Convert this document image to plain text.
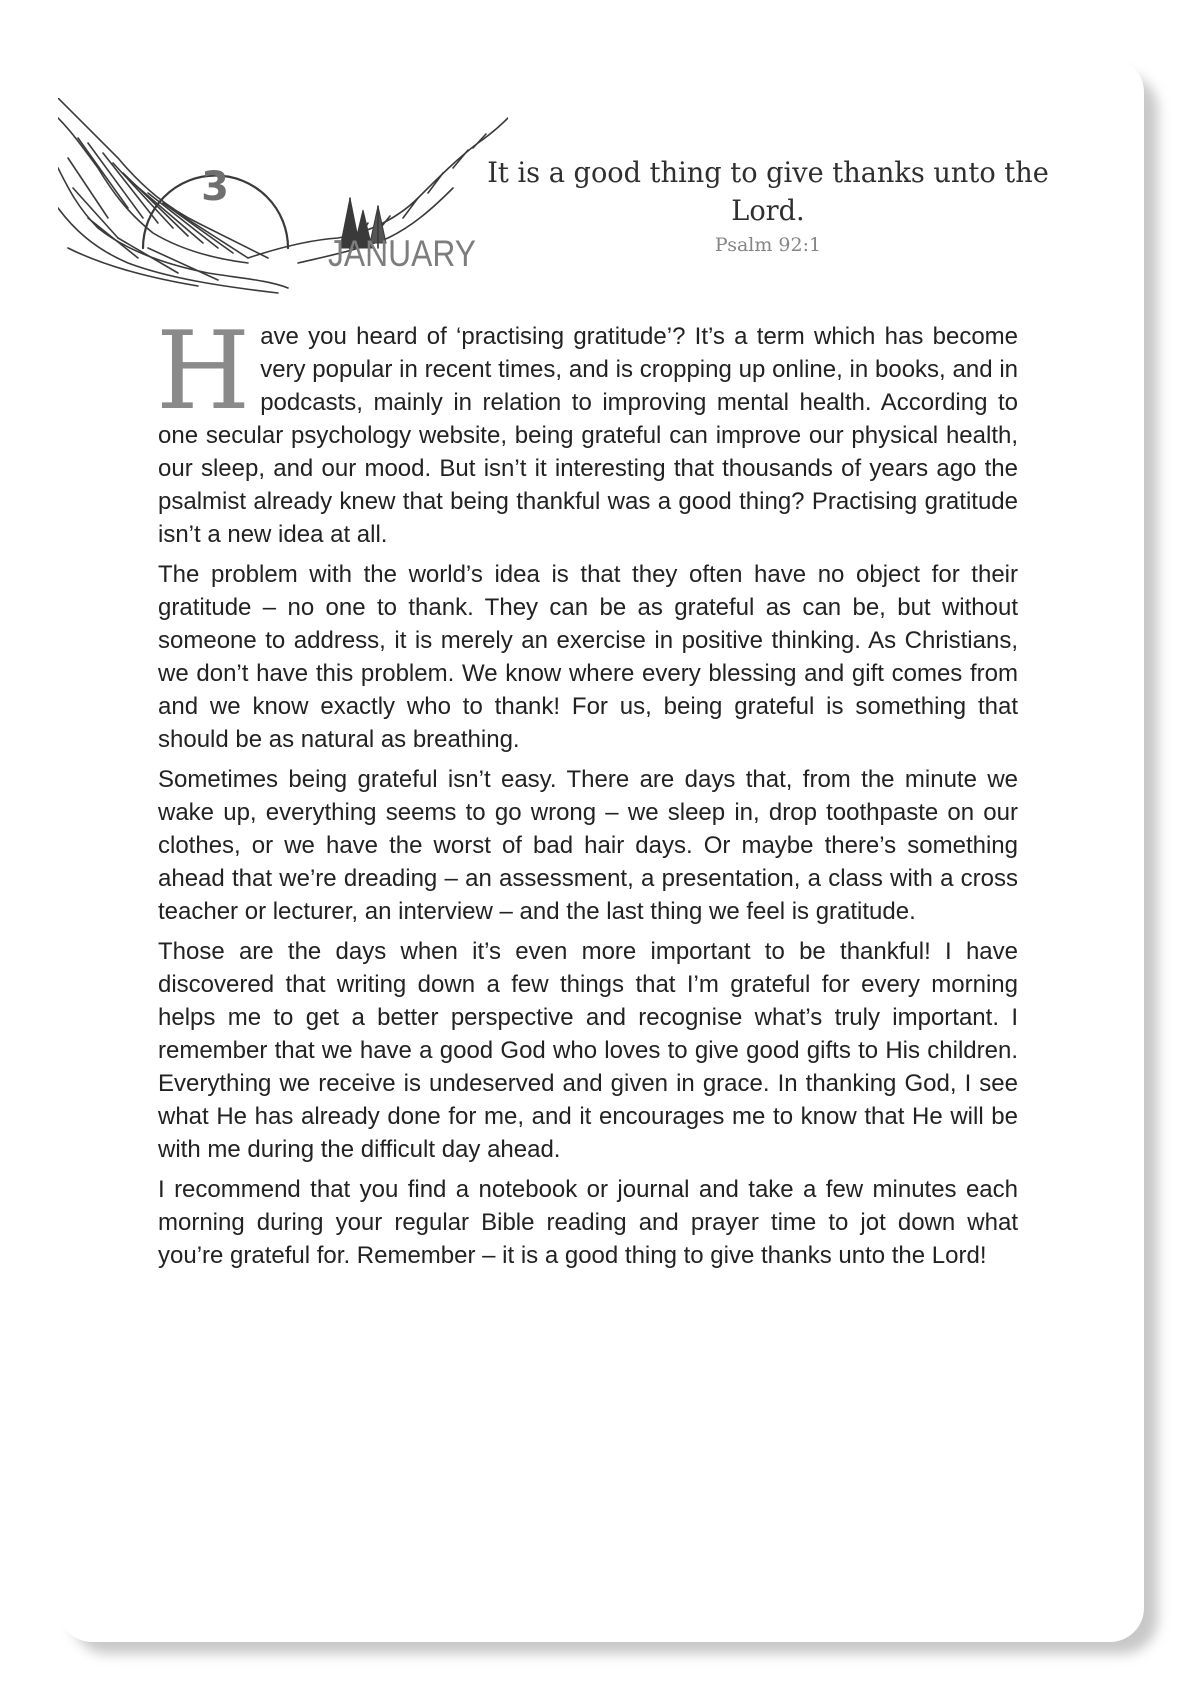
3
JANUARY
It is a good thing to give thanks unto the Lord.
Psalm 92:1

Have you heard of ‘practising gratitude’? It’s a term which has become very popular in recent times, and is cropping up online, in books, and in podcasts, mainly in relation to improving mental health. According to one secular psychology website, being grateful can improve our physical health, our sleep, and our mood. But isn’t it interesting that thousands of years ago the psalmist already knew that being thankful was a good thing? Practising gratitude isn’t a new idea at all.

The problem with the world’s idea is that they often have no object for their gratitude – no one to thank. They can be as grateful as can be, but without someone to address, it is merely an exercise in positive thinking. As Christians, we don’t have this problem. We know where every blessing and gift comes from and we know exactly who to thank! For us, being grateful is something that should be as natural as breathing.

Sometimes being grateful isn’t easy. There are days that, from the minute we wake up, everything seems to go wrong – we sleep in, drop toothpaste on our clothes, or we have the worst of bad hair days. Or maybe there’s something ahead that we’re dreading – an assessment, a presentation, a class with a cross teacher or lecturer, an interview – and the last thing we feel is gratitude.

Those are the days when it’s even more important to be thankful! I have discovered that writing down a few things that I’m grateful for every morning helps me to get a better perspective and recognise what’s truly important. I remember that we have a good God who loves to give good gifts to His children. Everything we receive is undeserved and given in grace. In thanking God, I see what He has already done for me, and it encourages me to know that He will be with me during the difficult day ahead.

I recommend that you find a notebook or journal and take a few minutes each morning during your regular Bible reading and prayer time to jot down what you’re grateful for. Remember – it is a good thing to give thanks unto the Lord!
